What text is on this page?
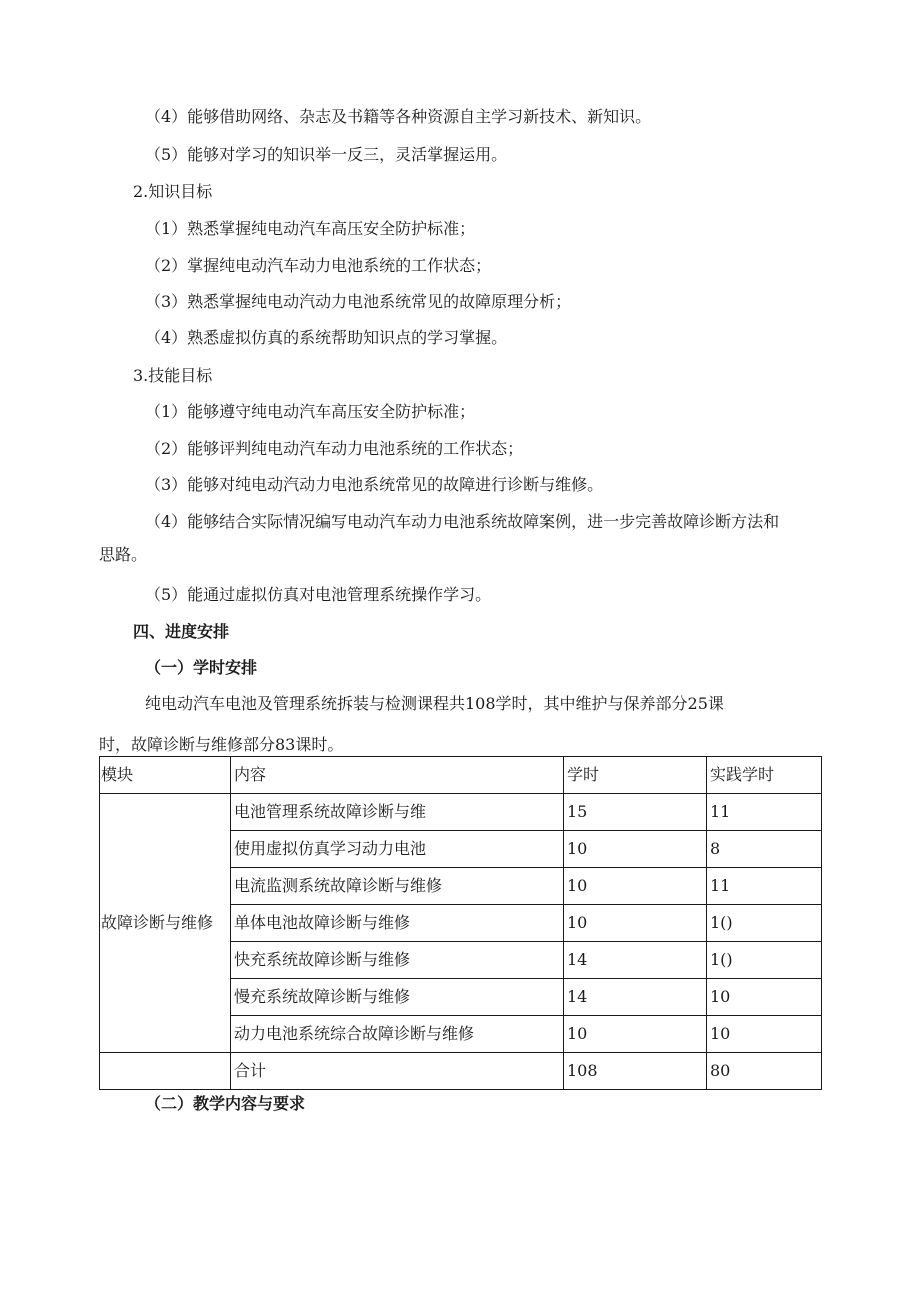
（4）能够借助网络、杂志及书籍等各种资源自主学习新技术、新知识。
（5）能够对学习的知识举一反三，灵活掌握运用。
2.知识目标
（1）熟悉掌握纯电动汽车高压安全防护标准；
（2）掌握纯电动汽车动力电池系统的工作状态；
（3）熟悉掌握纯电动汽动力电池系统常见的故障原理分析；
（4）熟悉虚拟仿真的系统帮助知识点的学习掌握。
3.技能目标
（1）能够遵守纯电动汽车高压安全防护标准；
（2）能够评判纯电动汽车动力电池系统的工作状态；
（3）能够对纯电动汽动力电池系统常见的故障进行诊断与维修。
（4）能够结合实际情况编写电动汽车动力电池系统故障案例，进一步完善故障诊断方法和
思路。
（5）能通过虚拟仿真对电池管理系统操作学习。
四、进度安排
（一）学时安排
纯电动汽车电池及管理系统拆装与检测课程共108学时，其中维护与保养部分25课
时，故障诊断与维修部分83课时。
模块	内容	学时	实践学时
故障诊断与维修	电池管理系统故障诊断与维	15	11
	使用虚拟仿真学习动力电池	10	8
	电流监测系统故障诊断与维修	10	11
	单体电池故障诊断与维修	10	1()
	快充系统故障诊断与维修	14	1()
	慢充系统故障诊断与维修	14	10
	动力电池系统综合故障诊断与维修	10	10
	合计	108	80
（二）教学内容与要求
